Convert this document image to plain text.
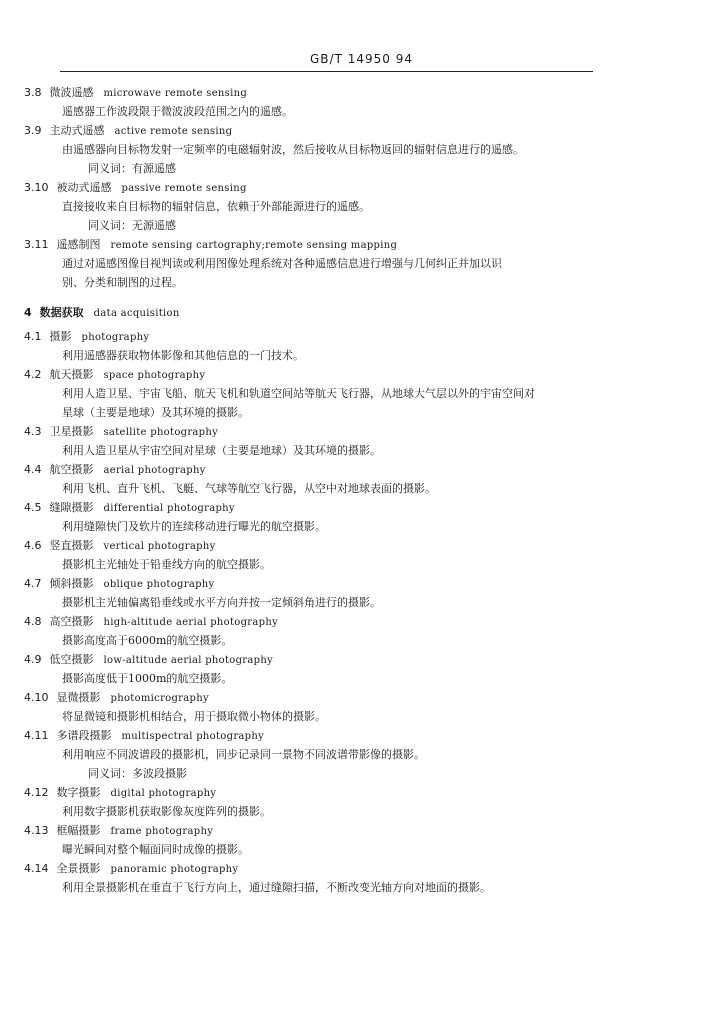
GB/T 14950 94
3.8 微波遥感 microwave remote sensing
遥感器工作波段限于微波波段范围之内的遥感。
3.9 主动式遥感 active remote sensing
由遥感器向目标物发射一定频率的电磁辐射波，然后接收从目标物返回的辐射信息进行的遥感。
同义词：有源遥感
3.10 被动式遥感 passive remote sensing
直接接收来自目标物的辐射信息，依赖于外部能源进行的遥感。
同义词：无源遥感
3.11 遥感制图 remote sensing cartography;remote sensing mapping
通过对遥感图像目视判读或利用图像处理系统对各种遥感信息进行增强与几何纠正并加以识
别、分类和制图的过程。
4 数据获取 data acquisition
4.1 摄影 photography
利用遥感器获取物体影像和其他信息的一门技术。
4.2 航天摄影 space photography
利用人造卫星、宇宙飞船、航天飞机和轨道空间站等航天飞行器，从地球大气层以外的宇宙空间对
星球（主要是地球）及其环境的摄影。
4.3 卫星摄影 satellite photography
利用人造卫星从宇宙空间对星球（主要是地球）及其环境的摄影。
4.4 航空摄影 aerial photography
利用飞机、直升飞机、飞艇、气球等航空飞行器，从空中对地球表面的摄影。
4.5 缝隙摄影 differential photography
利用缝隙快门及软片的连续移动进行曝光的航空摄影。
4.6 竖直摄影 vertical photography
摄影机主光轴处于铅垂线方向的航空摄影。
4.7 倾斜摄影 oblique photography
摄影机主光轴偏离铅垂线或水平方向并按一定倾斜角进行的摄影。
4.8 高空摄影 high-altitude aerial photography
摄影高度高于6000m的航空摄影。
4.9 低空摄影 low-altitude aerial photography
摄影高度低于1000m的航空摄影。
4.10 显微摄影 photomicrography
将显微镜和摄影机相结合，用于摄取微小物体的摄影。
4.11 多谱段摄影 multispectral photography
利用响应不同波谱段的摄影机，同步记录同一景物不同波谱带影像的摄影。
同义词：多波段摄影
4.12 数字摄影 digital photography
利用数字摄影机获取影像灰度阵列的摄影。
4.13 框幅摄影 frame photography
曝光瞬间对整个幅面同时成像的摄影。
4.14 全景摄影 panoramic photography
利用全景摄影机在垂直于飞行方向上，通过缝隙扫描，不断改变光轴方向对地面的摄影。
